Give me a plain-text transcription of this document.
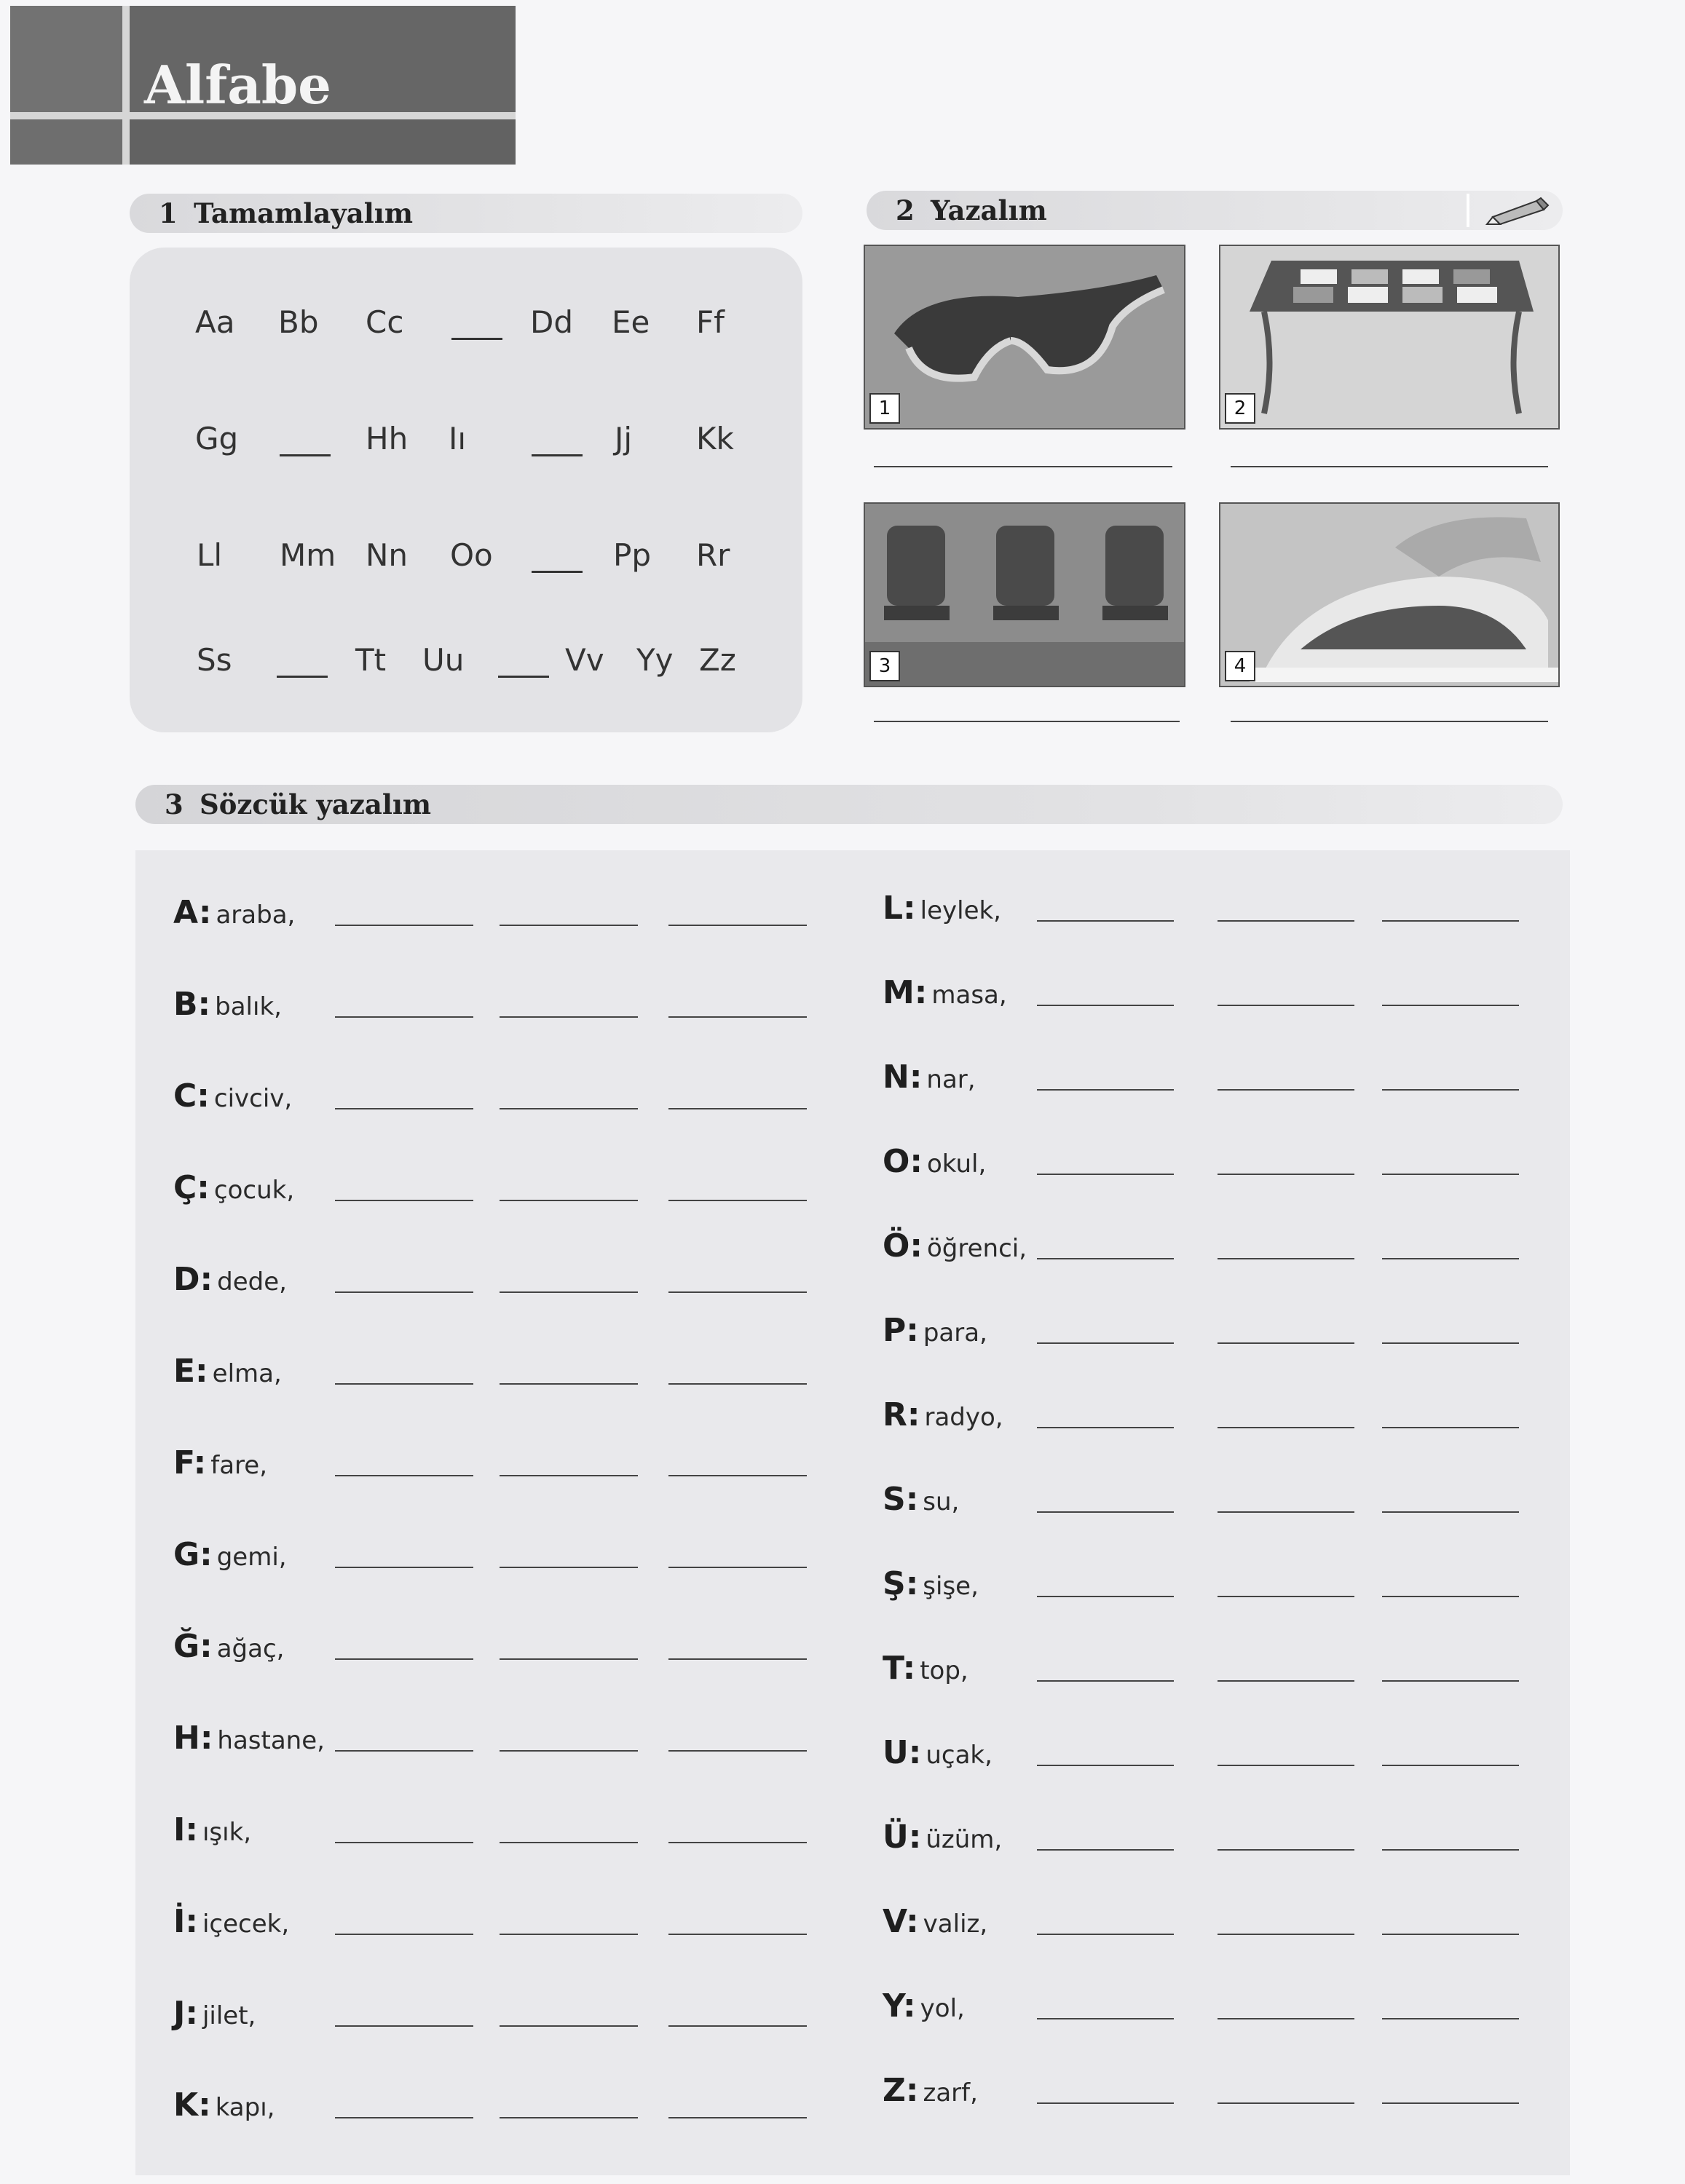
Alfabe
1 Tamamlayalım	2 Yazalım
1	2
3	4
3 Sözcük yazalım
Aa Bb Cc	Dd Ee Ff
Gg	Hh Iı	Jj Kk
Ll Mm Nn Oo	Pp Rr
Ss	Tt Uu	Vv Yy Zz
A: araba,
B: balık,
C: civciv,
Ç: çocuk,
D: dede,
E: elma,
F: fare,
G: gemi,
Ğ: ağaç,
H: hastane,
I: ışık,
İ: içecek,
J: jilet,
K: kapı,
L: leylek,
M: masa,
N: nar,
O: okul,
Ö: öğrenci,
P: para,
R: radyo,
S: su,
Ş: şişe,
T: top,
U: uçak,
Ü: üzüm,
V: valiz,
Y: yol,
Z: zarf,
